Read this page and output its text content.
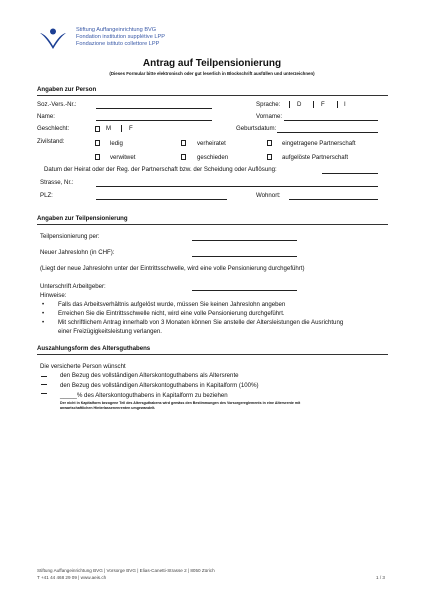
Stiftung Auffangeinrichtung BVG
Fondation institution supplétive LPP
Fondazione istituto collettore LPP
Antrag auf Teilpensionierung
(Dieses Formular bitte elektronisch oder gut leserlich in Blockschrift ausfüllen und unterzeichnen)
Angaben zur Person
Soz.-Vers.-Nr.:	Sprache:	D	F	I
Name:	Vorname:
Geschlecht:	M	F	Geburtsdatum:
Zivilstand:	ledig	verheiratet	eingetragene Partnerschaft
verwitwet	geschieden	aufgelöste Partnerschaft
Datum der Heirat oder der Reg. der Partnerschaft bzw. der Scheidung oder Auflösung:
Strasse, Nr.:
PLZ:	Wohnort:
Angaben zur Teilpensionierung
Teilpensionierung per:
Neuer Jahreslohn (in CHF):
(Liegt der neue Jahreslohn unter der Eintrittsschwelle, wird eine volle Pensionierung durchgeführt)
Unterschrift Arbeitgeber:
Hinweise:
• Falls das Arbeitsverhältnis aufgelöst wurde, müssen Sie keinen Jahreslohn angeben
• Erreichen Sie die Eintrittsschwelle nicht, wird eine volle Pensionierung durchgeführt.
• Mit schriftlichem Antrag innerhalb von 3 Monaten können Sie anstelle der Altersleistungen die Ausrichtung
einer Freizügigkeitsleistung verlangen.
Auszahlungsform des Altersguthabens
Die versicherte Person wünscht
den Bezug des vollständigen Alterskontoguthabens als Altersrente
den Bezug des vollständigen Alterskontoguthabens in Kapitalform (100%)
_____% des Alterskontoguthabens in Kapitalform zu beziehen
Der nicht in Kapitalform bezogene Teil des Altersguthabens wird gemäss den Bestimmungen des Vorsorgereglements in eine Altersrente mit
anwartschaftlichen Hinterlassenenrenten umgewandelt.
Stiftung Auffangeinrichtung BVG | Vorsorge BVG | Elias-Canetti-Strasse 2 | 8050 Zürich
T +41 44 468 29 09 | www.aeis.ch	1 / 3
